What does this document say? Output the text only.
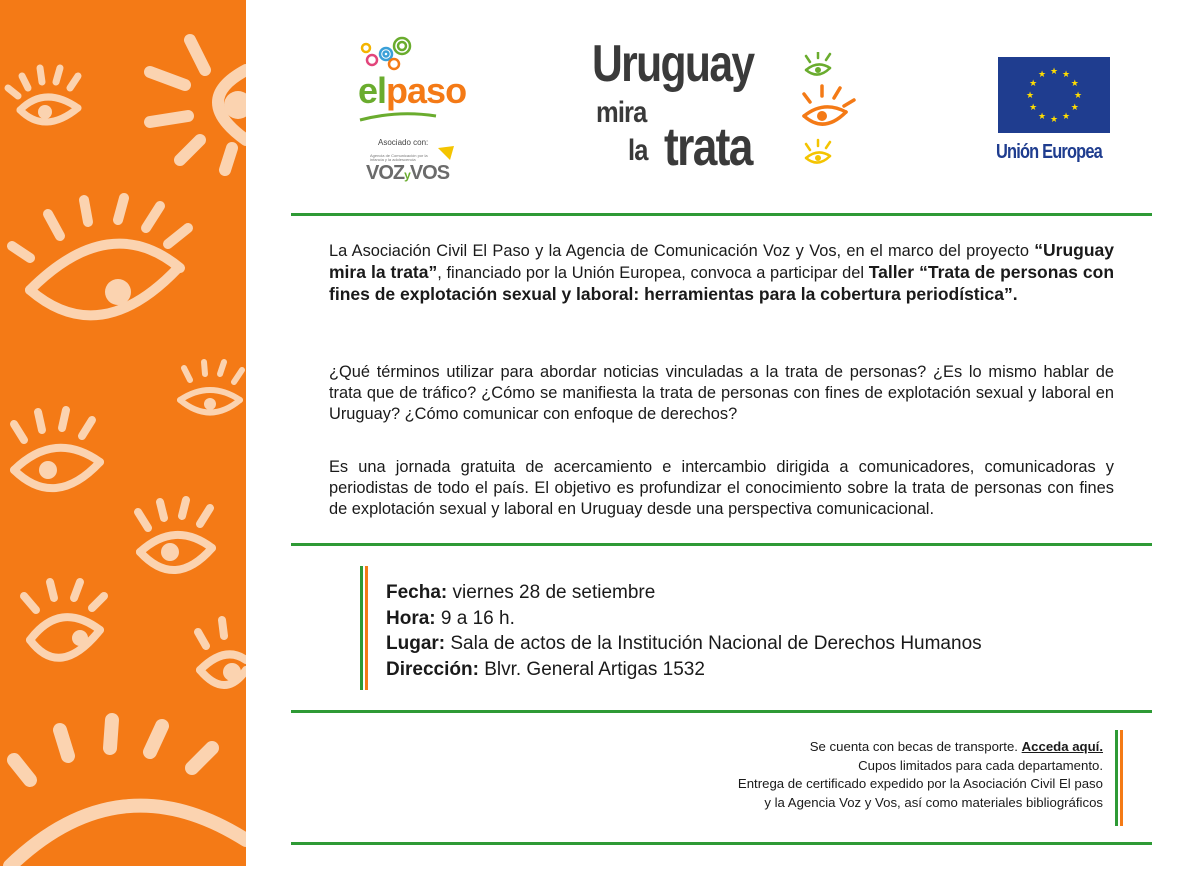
elpaso
Asociado con:
Agencia de Comunicación por la infancia y la adolescencia
VOZyVOS
Uruguay
mira
la trata
★ ★
★
★
★
★
★
★
★
★
★
★
Unión Europea
La Asociación Civil El Paso y la Agencia de Comunicación Voz y Vos, en el marco del proyecto “Uruguay mira la trata”, financiado por la Unión Europea, convoca a participar del Taller “Trata de personas con fines de explotación sexual y laboral: herramientas para la cobertura periodística”.
¿Qué términos utilizar para abordar noticias vinculadas a la trata de personas? ¿Es lo mismo hablar de trata que de tráfico? ¿Cómo se manifiesta la trata de personas con fines de explotación sexual y laboral en Uruguay? ¿Cómo comunicar con enfoque de derechos?
Es una jornada gratuita de acercamiento e intercambio dirigida a comunicadores, comunicadoras y periodistas de todo el país. El objetivo es profundizar el conocimiento sobre la trata de personas con fines de explotación sexual y laboral en Uruguay desde una perspectiva comunicacional.
Fecha: viernes 28 de setiembre
Hora: 9 a 16 h.
Lugar: Sala de actos de la Institución Nacional de Derechos Humanos
Dirección: Blvr. General Artigas 1532
Se cuenta con becas de transporte. Acceda aquí.
Cupos limitados para cada departamento.
Entrega de certificado expedido por la Asociación Civil El paso
y la Agencia Voz y Vos, así como materiales bibliográficos
